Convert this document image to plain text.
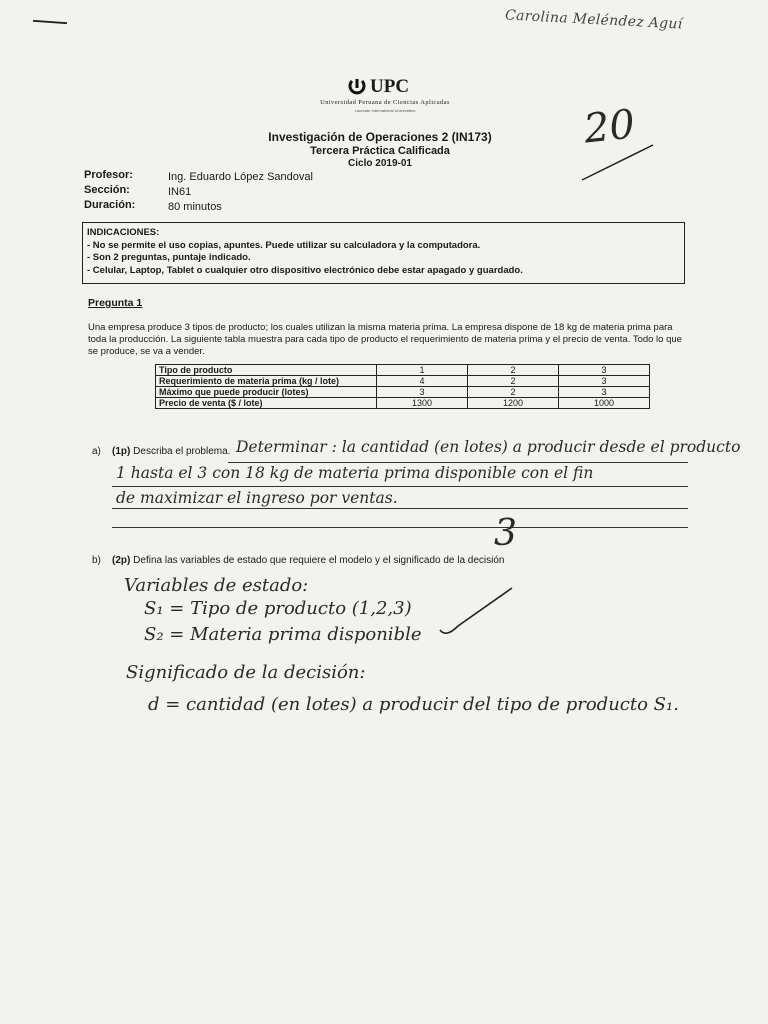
Carolina Meléndez Aguí
UPC
Universidad Peruana de Ciencias Aplicadas
Laureate International Universities
Investigación de Operaciones 2 (IN173)
Tercera Práctica Calificada
Ciclo 2019-01
20
Profesor:	Ing. Eduardo López Sandoval
Sección:	IN61
Duración:	80 minutos
INDICACIONES:
- No se permite el uso copias, apuntes. Puede utilizar su calculadora y la computadora.
- Son 2 preguntas, puntaje indicado.
- Celular, Laptop, Tablet o cualquier otro dispositivo electrónico debe estar apagado y guardado.
Pregunta 1
Una empresa produce 3 tipos de producto; los cuales utilizan la misma materia prima. La empresa dispone de 18 kg de materia prima para toda la producción. La siguiente tabla muestra para cada tipo de producto el requerimiento de materia prima y el precio de venta. Todo lo que se produce, se va a vender.
Tipo de producto	1	2	3
Requerimiento de materia prima (kg / lote)	4	2	3
Máximo que puede producir (lotes)	3	2	3
Precio de venta ($ / lote)	1300	1200	1000
a) (1p) Describa el problema. Determinar : la cantidad (en lotes) a producir desde el producto
1 hasta el 3 con 18 kg de materia prima disponible con el fin
de maximizar el ingreso por ventas.
3
b) (2p) Defina las variables de estado que requiere el modelo y el significado de la decisión
Variables de estado:
S₁ = Tipo de producto (1,2,3)
S₂ = Materia prima disponible
Significado de la decisión:
d = cantidad (en lotes) a producir del tipo de producto S₁.
